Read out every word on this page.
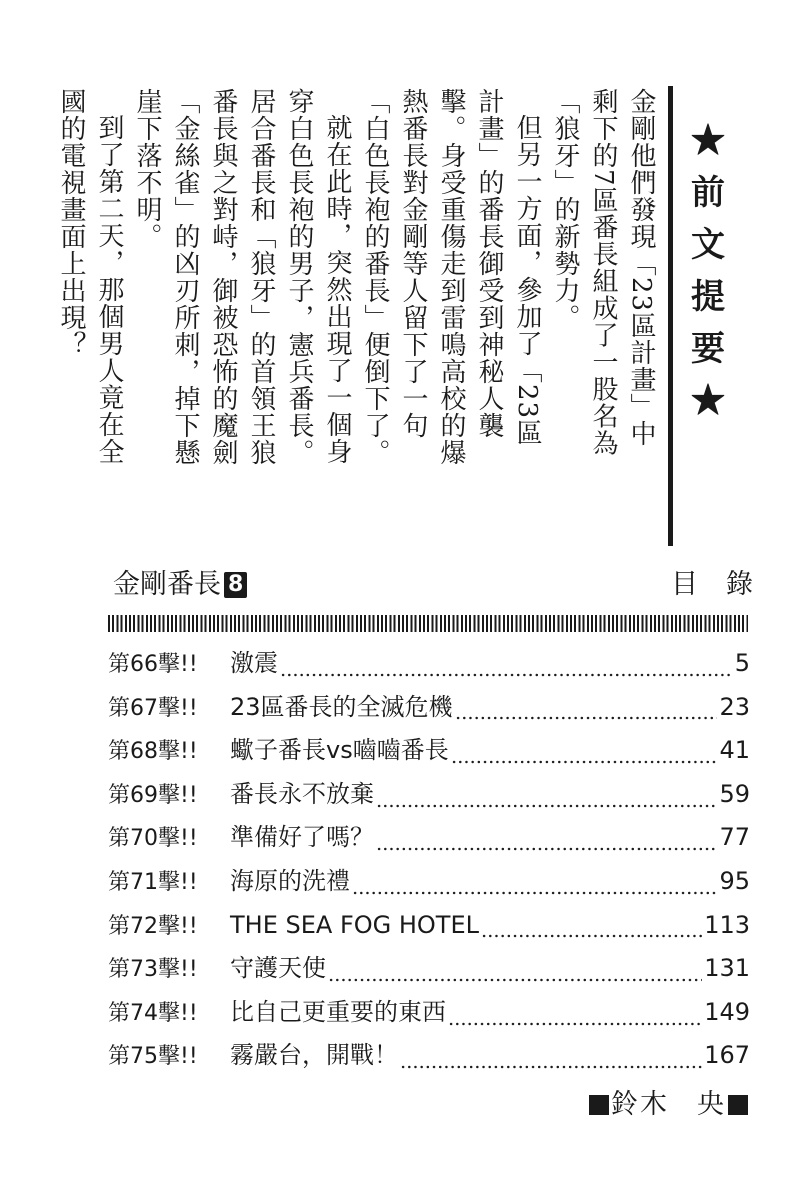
★前文提要★

金剛他們發現「23區計畫」中剩下的7區番長組成了一股名為「狼牙」的新勢力。

但另一方面，參加了「23區計畫」的番長御受到神秘人襲擊。身受重傷走到雷鳴高校的爆熱番長對金剛等人留下了一句「白色長袍的番長」便倒下了。

就在此時，突然出現了一個身穿白色長袍的男子，憲兵番長。居合番長和「狼牙」的首領王狼番長與之對峙，御被恐怖的魔劍「金絲雀」的凶刃所刺，掉下懸崖下落不明。

到了第二天，那個男人竟在全國的電視畫面上出現？

金剛番長 8	目錄
第66擊!!	激震	5
第67擊!!	23區番長的全滅危機	23
第68擊!!	蠍子番長vs嚙嚙番長	41
第69擊!!	番長永不放棄	59
第70擊!!	準備好了嗎？	77
第71擊!!	海原的洗禮	95
第72擊!!	THE SEA FOG HOTEL	113
第73擊!!	守護天使	131
第74擊!!	比自己更重要的東西	149
第75擊!!	霧嚴台，開戰！	167
鈴木 央
